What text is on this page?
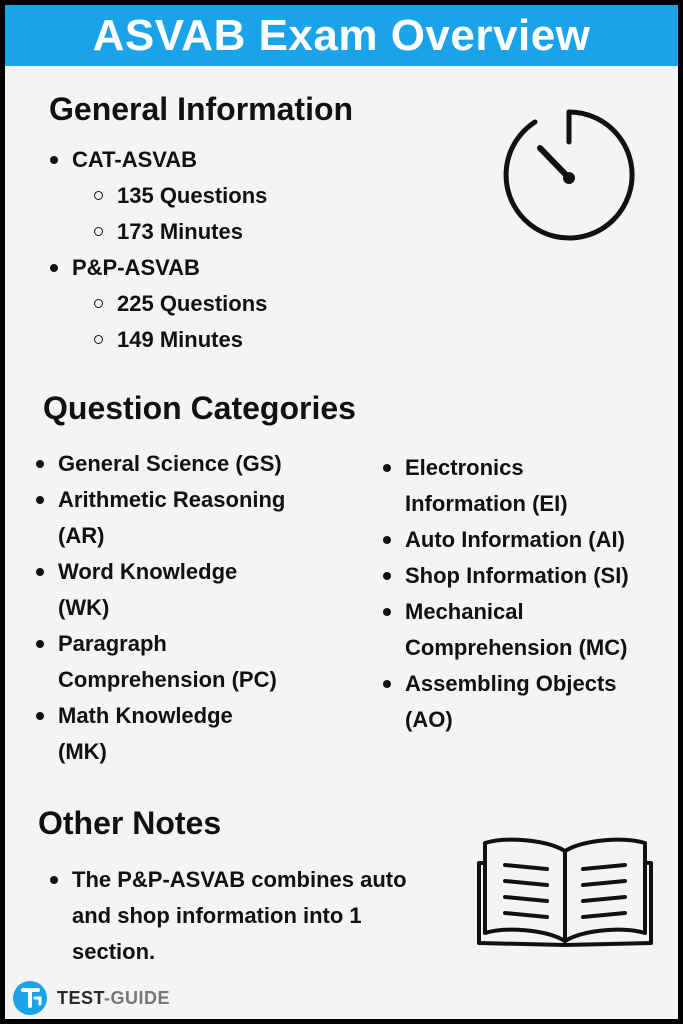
ASVAB Exam Overview
General Information
CAT-ASVAB
135 Questions
173 Minutes
P&P-ASVAB
225 Questions
149 Minutes
Question Categories
General Science (GS)
Arithmetic Reasoning
(AR)
Word Knowledge
(WK)
Paragraph
Comprehension (PC)
Math Knowledge
(MK)
Electronics
Information (EI)
Auto Information (AI)
Shop Information (SI)
Mechanical
Comprehension (MC)
Assembling Objects
(AO)
Other Notes
The P&P-ASVAB combines auto
and shop information into 1
section.
TEST-GUIDE
